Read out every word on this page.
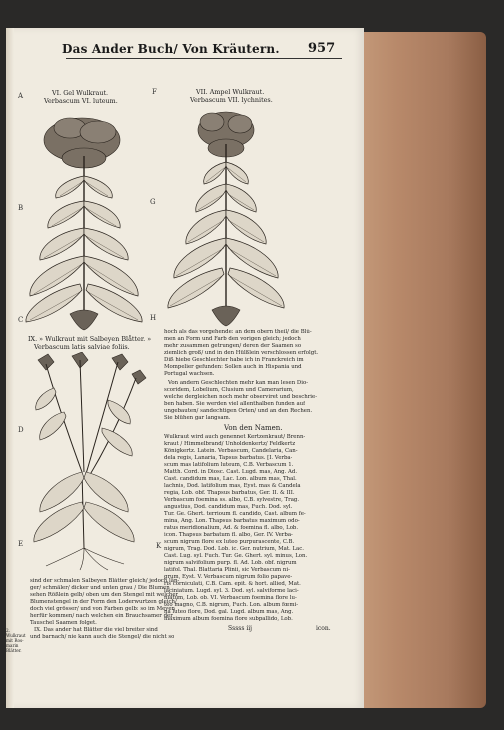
Das Ander Buch/ Von Kräutern. 957
A	F
B
G
C	H
D
E	K
VI. Gel Wulkraut.
Verbascum VI. luteum.
VII. Ampel Wulkraut.
Verbascum VII. lychnites.
IX. » Wulkraut mit Salbeyen Blåtter. »
Verbascum latis salviae foliis.
hoch als das vorgehende: an dem obern theil/ die Blů-
men an Form und Farb den vorigen gleich; jedoch
mehr zusammen getrungen/ deren der Saamen so
ziemlich groß/ und in den Hülßlein verschlossen erfolgt.
Diß hiebe Geschlechter habe ich in Franckreich im
Mompelier gefunden: Sollen auch in Hispania und
Portugal wachsen.
Von andern Geschlechten mehr kan man lesen Dio-
scoridem, Lobelium, Clusium und Camerarium,
welche dergleichen noch mehr observiret und beschrie-
ben haben. Sie werden viel allenthalben funden auf
ungebauten/ sandechtigen Orten/ und an den Rechen.
Sie blühen gar langsam.
Von den Namen.
Wulkraut wird auch genennet Kertzenkraut/ Brenn-
kraut / Himmelbrand/ Unholdenkertz/ Feldkertz
Königkertz. Latein. Verbascum, Candelaria, Can-
dela regis, Lanaria, Tapsus barbatus. [I. Verba-
scum mas latifolium luteum, C.B. Verbascum 1.
Matth. Cord. in Diosc. Cast. Lugd. mas, Ang. Ad.
Cast. candidum mas, Lac. Lon. album mas, Thal.
lachnis, Dod. latifolium mas, Eyst. mas & Candela
regia, Lob. obf. Thapsus barbatus, Ger. II. & III.
Verbascum foemina ss. albo, C.B. sylvestre, Trag.
angustius, Dod. candidum mas, Fuch. Dod. syl.
Tur. Ge. Ghert. terrioum fl. candido, Cast. album fe-
mina, Ang. Lon. Thapsus barbatus maximum odo-
ratus meridionalium, Ad. & foemina fl. albo, Lob.
icon. Thapsus barbatum fl. albo, Ger. IV. Verba-
scum nigrum flore ex luteo purpurascente, C.B.
nigrum, Trag. Dod. Lob. ic. Ger. nutrium, Mat. Lac.
Cast. Lug. syl. Fuch. Tur. Ge. Ghert. syl. minus, Lon.
nigrum salvifolium purp. fl. Ad. Lob. obf. nigrum
latifol. Thal. Blattaria Plinii, sic Verbascum ni-
grum, Eyst. V. Verbascum nigrum folio papave-
ris corniculati, C.B. Cam. epit. & hort. allied, Mat.
laciniatum. Lugd. syl. 3. Dod. syl. salviforme laci-
niatum, Lob. ob. VI. Verbascum foemina flore lu-
teo magno, C.B. nigrum, Fuch. Lon. album fœmi-
na luteo flore, Dod. gal. Lugd. album mas, Ang.
maximum album foemina flore subpallido, Lob.
Sssss iij	icon.
sind der schmalen Salbeyen Blåtter gleich/ jedoch län-
ger/ schmäler/ dicker und unten grau / Die Blumen
sehen Rößlein gelb/ oben um den Stengel mit welcher
Blumenstengel in der Form den Loderwurtzen gleich/
doch viel grösser/ und von Farben gelb: so im Meyen
herfür kommen/ nach welchen ein Brauchsamer der
Tauschel Saamen folget.
IX. Das ander hat Blätter die viel breiter sind
und barnach/ nie kann auch die Stengel/ die nicht so
2. Wulkraut mit Ros-marin Blätter.
